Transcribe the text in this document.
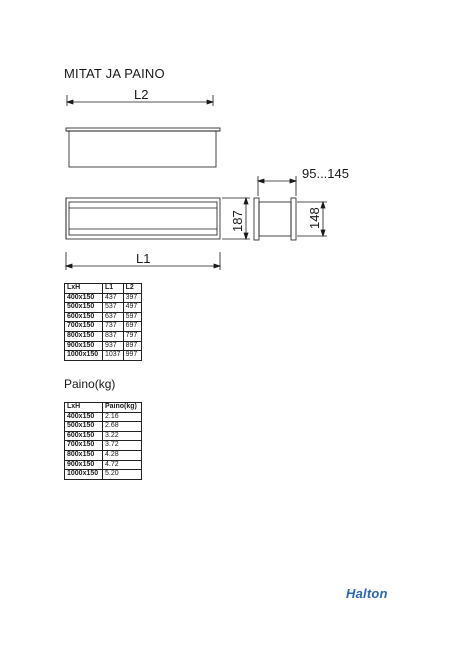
MITAT JA PAINO
L2
L1
95...145
187	148
LxH	L1	L2
400x150	437	397
500x150	537	497
600x150	637	597
700x150	737	697
800x150	837	797
900x150	937	897
1000x150	1037	997
Paino(kg)
LxH	Paino(kg)
400x150	2.16
500x150	2.68
600x150	3.22
700x150	3.72
800x150	4.28
900x150	4.72
1000x150	5.20
Halton
